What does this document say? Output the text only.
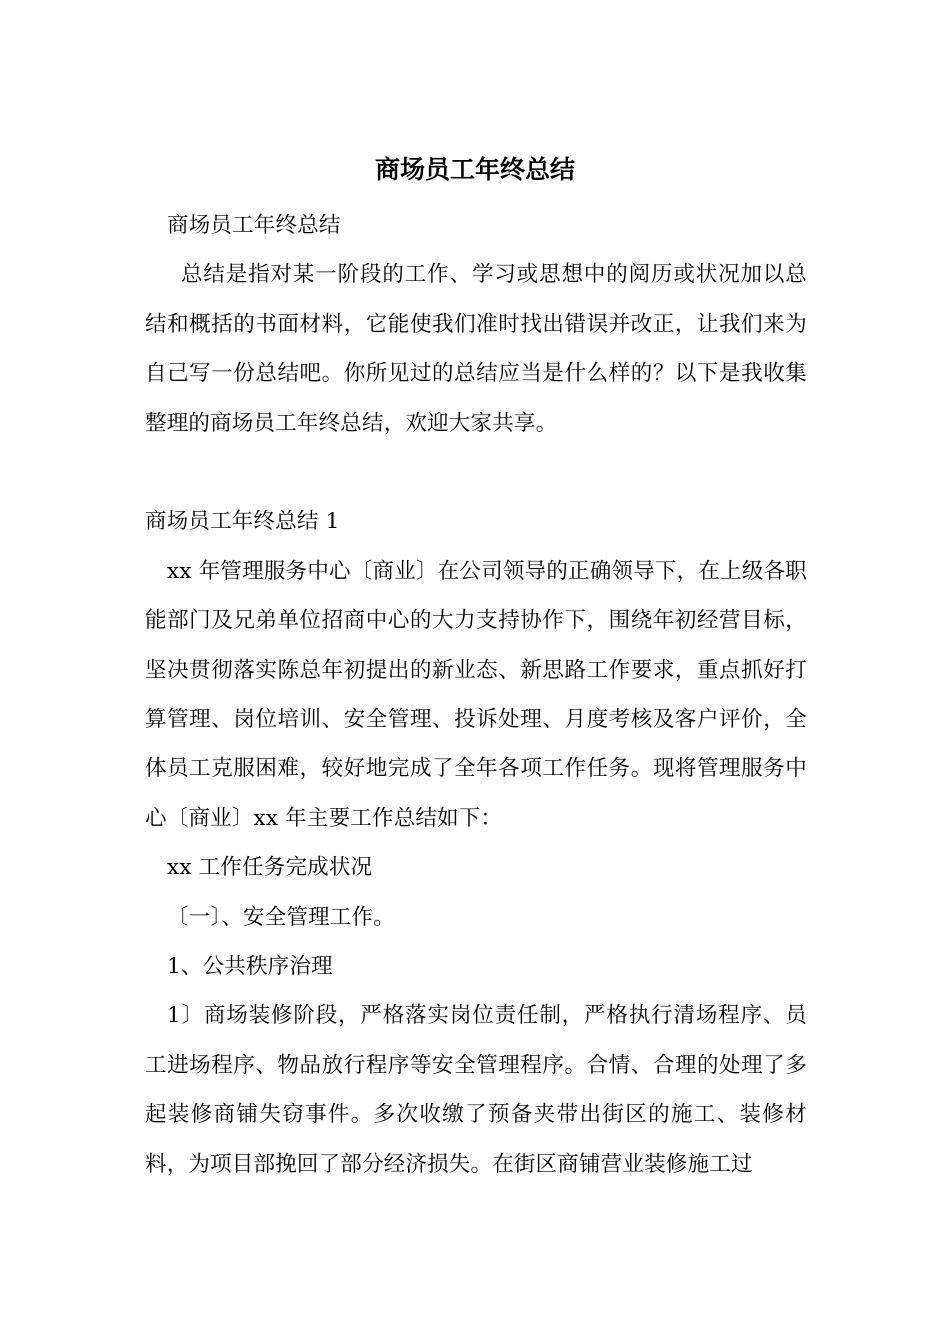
商场员工年终总结

商场员工年终总结

总结是指对某一阶段的工作、学习或思想中的阅历或状况加以总结和概括的书面材料，它能使我们准时找出错误并改正，让我们来为自己写一份总结吧。你所见过的总结应当是什么样的？以下是我收集整理的商场员工年终总结，欢迎大家共享。

商场员工年终总结 1

xx 年管理服务中心〔商业〕在公司领导的正确领导下，在上级各职能部门及兄弟单位招商中心的大力支持协作下，围绕年初经营目标，坚决贯彻落实陈总年初提出的新业态、新思路工作要求，重点抓好打算管理、岗位培训、安全管理、投诉处理、月度考核及客户评价，全体员工克服困难，较好地完成了全年各项工作任务。现将管理服务中心〔商业〕xx 年主要工作总结如下：

xx 工作任务完成状况

〔一〕、安全管理工作。

1、公共秩序治理

1〕商场装修阶段，严格落实岗位责任制，严格执行清场程序、员工进场程序、物品放行程序等安全管理程序。合情、合理的处理了多起装修商铺失窃事件。多次收缴了预备夹带出街区的施工、装修材料，为项目部挽回了部分经济损失。在街区商铺营业装修施工过
